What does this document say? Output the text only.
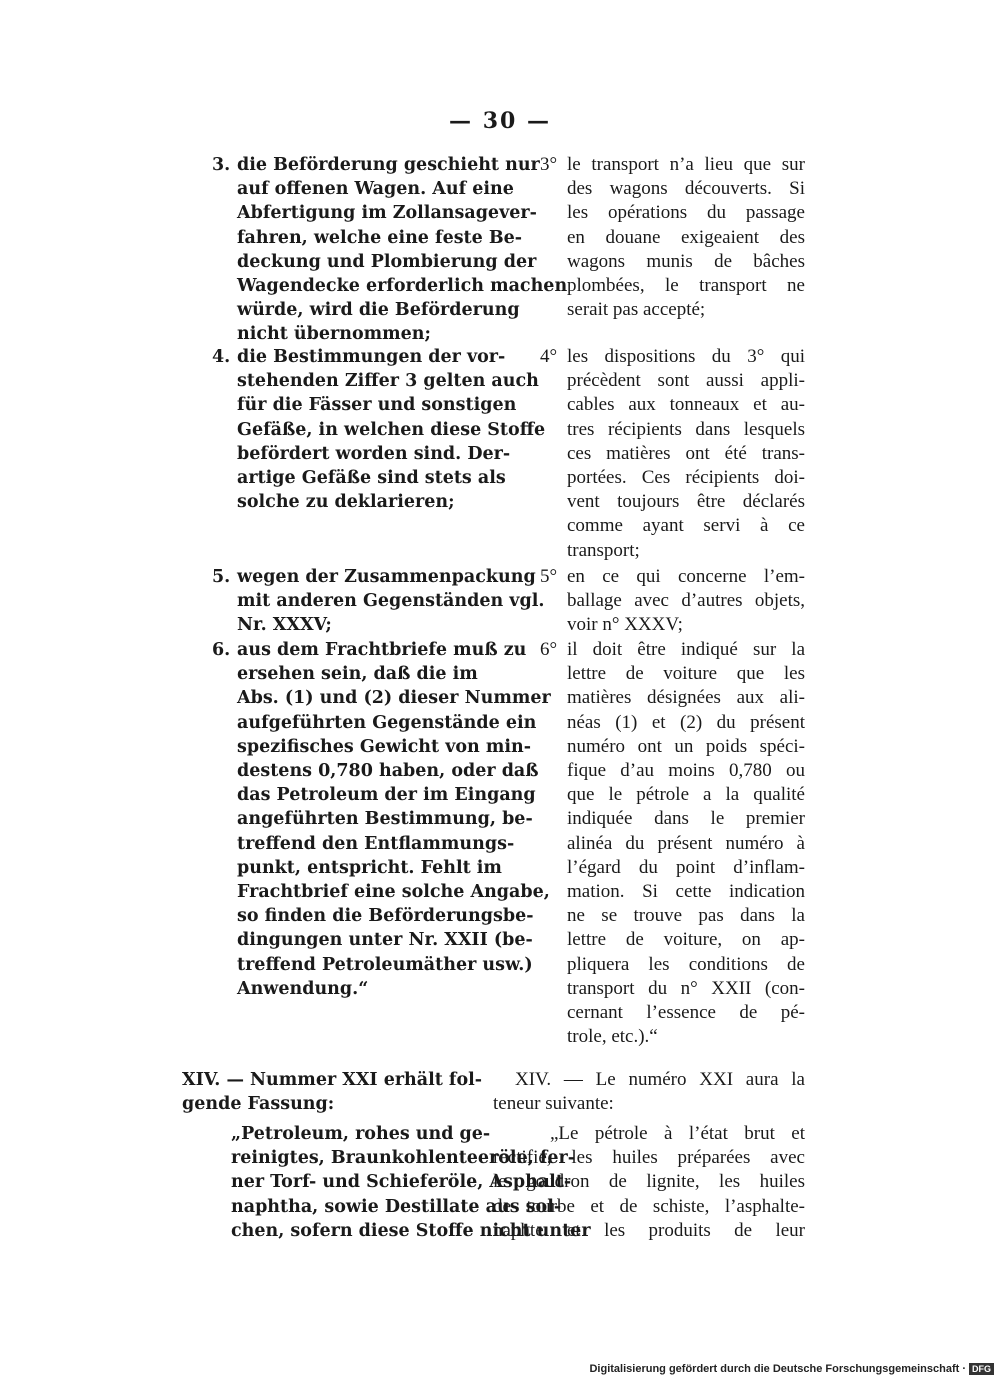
— 30 —
3. die Beförderung geschieht nur
auf offenen Wagen. Auf eine
Abfertigung im Zollansagever-
fahren, welche eine feste Be-
deckung und Plombierung der
Wagendecke erforderlich machen
würde, wird die Beförderung
nicht übernommen;
4. die Bestimmungen der vor-
stehenden Ziffer 3 gelten auch
für die Fässer und sonstigen
Gefäße, in welchen diese Stoffe
befördert worden sind. Der-
artige Gefäße sind stets als
solche zu deklarieren;
5. wegen der Zusammenpackung
mit anderen Gegenständen vgl.
Nr. XXXV;
6. aus dem Frachtbriefe muß zu
ersehen sein, daß die im
Abs. (1) und (2) dieser Nummer
aufgeführten Gegenstände ein
spezifisches Gewicht von min-
destens 0,780 haben, oder daß
das Petroleum der im Eingang
angeführten Bestimmung, be-
treffend den Entflammungs-
punkt, entspricht. Fehlt im
Frachtbrief eine solche Angabe,
so finden die Beförderungsbe-
dingungen unter Nr. XXII (be-
treffend Petroleumäther usw.)
Anwendung.“
XIV. — Nummer XXI erhält fol-
gende Fassung:
„Petroleum, rohes und ge-
reinigtes, Braunkohlenteeröle, fer-
ner Torf- und Schieferöle, Asphalt-
naphtha, sowie Destillate aus sol-
chen, sofern diese Stoffe nicht unter
3° le transport n’a lieu que sur
des wagons découverts. Si
les opérations du passage
en douane exigeaient des
wagons munis de bâches
plombées, le transport ne
serait pas accepté;
4° les dispositions du 3° qui
précèdent sont aussi appli-
cables aux tonneaux et au-
tres récipients dans lesquels
ces matières ont été trans-
portées. Ces récipients doi-
vent toujours être déclarés
comme ayant servi à ce
transport;
5° en ce qui concerne l’em-
ballage avec d’autres objets,
voir n° XXXV;
6° il doit être indiqué sur la
lettre de voiture que les
matières désignées aux ali-
néas (1) et (2) du présent
numéro ont un poids spéci-
fique d’au moins 0,780 ou
que le pétrole a la qualité
indiquée dans le premier
alinéa du présent numéro à
l’égard du point d’inflam-
mation. Si cette indication
ne se trouve pas dans la
lettre de voiture, on ap-
pliquera les conditions de
transport du n° XXII (con-
cernant l’essence de pé-
trole, etc.).“
XIV. — Le numéro XXI aura la
teneur suivante:
„Le pétrole à l’état brut et
rectifié, les huiles préparées avec
le goudron de lignite, les huiles
de tourbe et de schiste, l’asphalte-
naphte et les produits de leur
Digitalisierung gefördert durch die Deutsche Forschungsgemeinschaft · DFG
